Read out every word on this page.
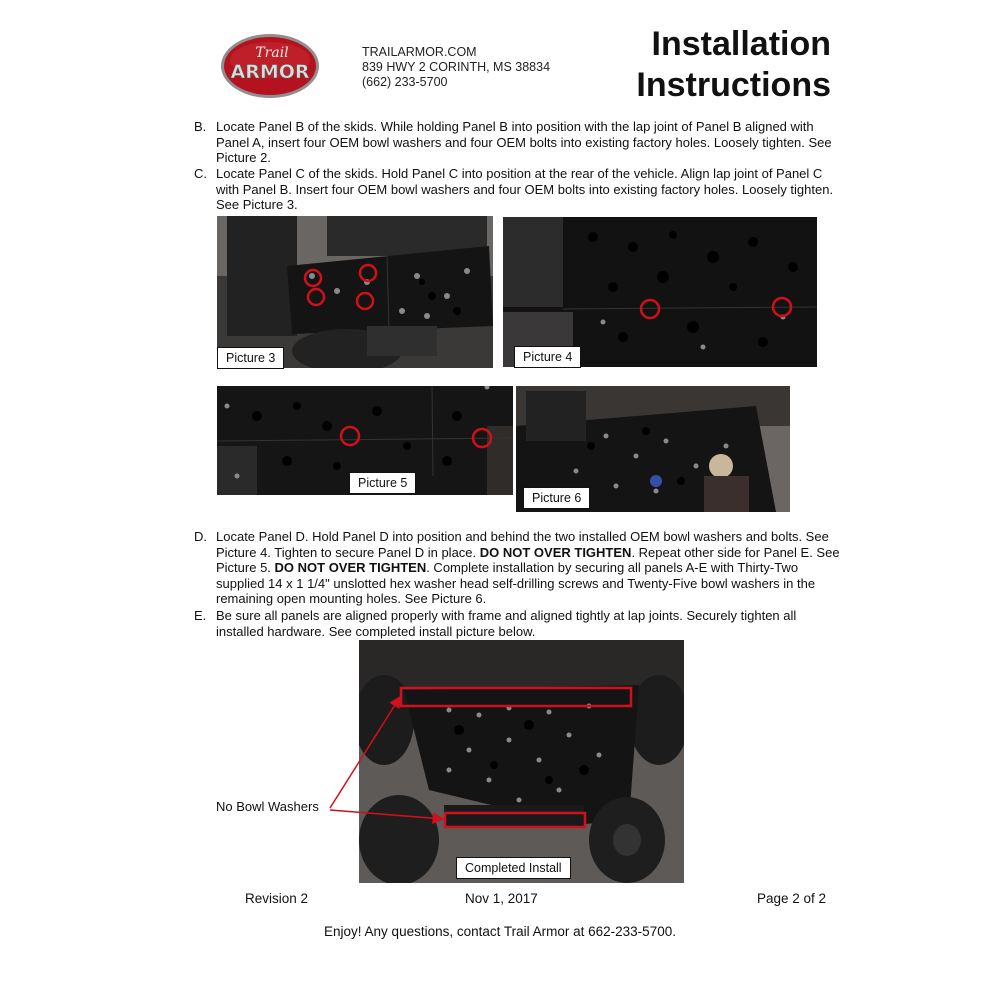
Trail
ARMOR
TRAILARMOR.COM
839 HWY 2 CORINTH, MS 38834
(662) 233-5700
Installation
Instructions
B. Locate Panel B of the skids. While holding Panel B into position with the lap joint of Panel B aligned with Panel A, insert four OEM bowl washers and four OEM bolts into existing factory holes. Loosely tighten. See Picture 2.
C. Locate Panel C of the skids. Hold Panel C into position at the rear of the vehicle. Align lap joint of Panel C with Panel B. Insert four OEM bowl washers and four OEM bolts into existing factory holes. Loosely tighten. See Picture 3.
Picture 3	Picture 4
Picture 5
Picture 6
D. Locate Panel D. Hold Panel D into position and behind the two installed OEM bowl washers and bolts. See Picture 4. Tighten to secure Panel D in place. DO NOT OVER TIGHTEN. Repeat other side for Panel E. See Picture 5. DO NOT OVER TIGHTEN. Complete installation by securing all panels A-E with Thirty-Two supplied 14 x 1 1/4" unslotted hex washer head self-drilling screws and Twenty-Five bowl washers in the remaining open mounting holes. See Picture 6.
E. Be sure all panels are aligned properly with frame and aligned tightly at lap joints. Securely tighten all installed hardware. See completed install picture below.
Completed Install
No Bowl Washers
Revision 2	Nov 1, 2017	Page 2 of 2
Enjoy! Any questions, contact Trail Armor at 662-233-5700.
